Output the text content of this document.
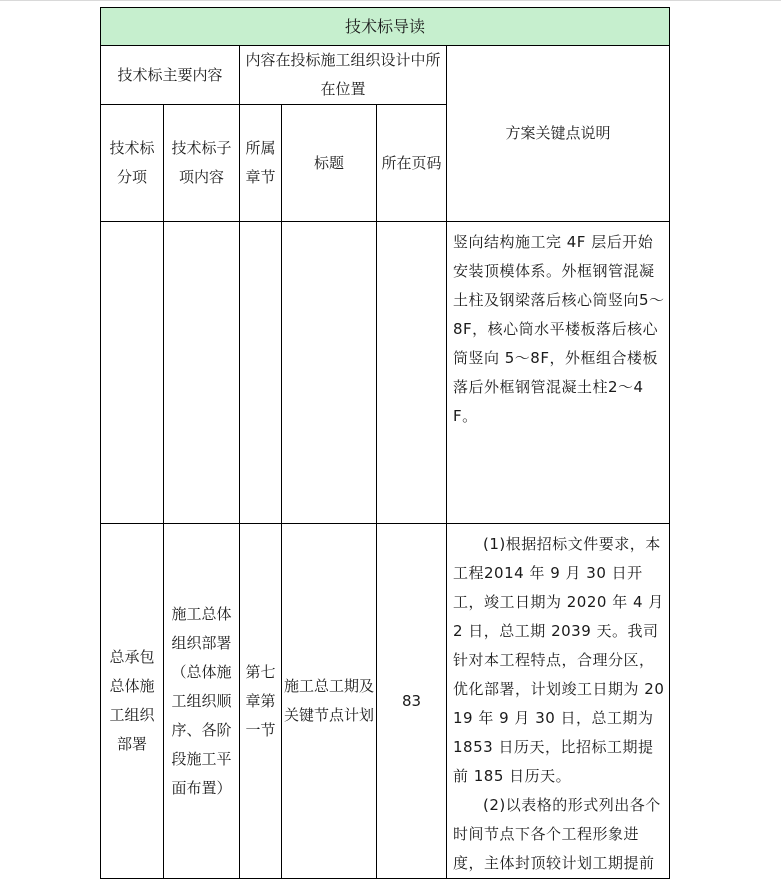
技术标导读					
技术标主要内容		内容在投标施工组织设计中所在位置			方案关键点说明
技术标分项	技术标子项内容	所属章节	标题	所在页码	
					竖向结构施工完 4F 层后开始安装顶模体系。外框钢管混凝土柱及钢梁落后核心筒竖向5～8F，核心筒水平楼板落后核心筒竖向 5～8F，外框组合楼板落后外框钢管混凝土柱2～4F。
总承包总体施工组织部署	施工总体组织部署（总体施工组织顺序、各阶段施工平面布置）	第七章第一节	施工总工期及关键节点计划	83	(1)根据招标文件要求，本工程2014 年 9 月 30 日开工，竣工日期为 2020 年 4 月 2 日，总工期 2039 天。我司针对本工程特点，合理分区，优化部署，计划竣工日期为 2019 年 9 月 30 日，总工期为 1853 日历天，比招标工期提前 185 日历天。
(2)以表格的形式列出各个时间节点下各个工程形象进度，主体封顶较计划工期提前
